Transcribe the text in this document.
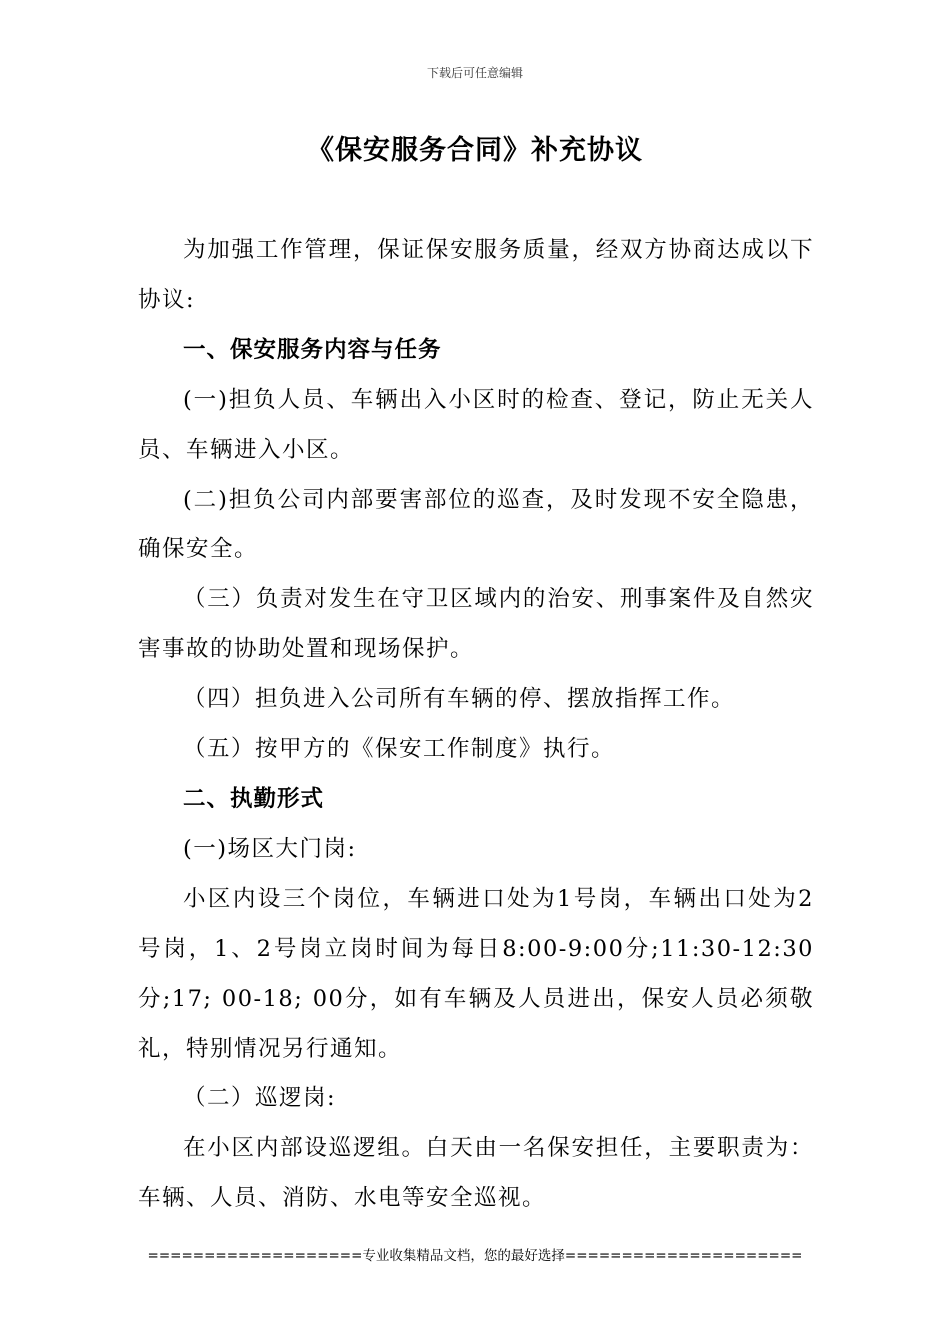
下载后可任意编辑
《保安服务合同》补充协议

为加强工作管理，保证保安服务质量，经双方协商达成以下协议:

一、保安服务内容与任务

(一)担负人员、车辆出入小区时的检查、登记，防止无关人员、车辆进入小区。

(二)担负公司内部要害部位的巡查，及时发现不安全隐患，确保安全。

（三）负责对发生在守卫区域内的治安、刑事案件及自然灾害事故的协助处置和现场保护。

（四）担负进入公司所有车辆的停、摆放指挥工作。

（五）按甲方的《保安工作制度》执行。

二、执勤形式

(一)场区大门岗:

小区内设三个岗位，车辆进口处为1号岗，车辆出口处为2号岗，1、2号岗立岗时间为每日8:00-9:00分;11:30-12:30分;17; 00-18; 00分，如有车辆及人员进出，保安人员必须敬礼，特别情况另行通知。

（二）巡逻岗:

在小区内部设巡逻组。白天由一名保安担任，主要职责为：车辆、人员、消防、水电等安全巡视。

===================专业收集精品文档，您的最好选择=====================
